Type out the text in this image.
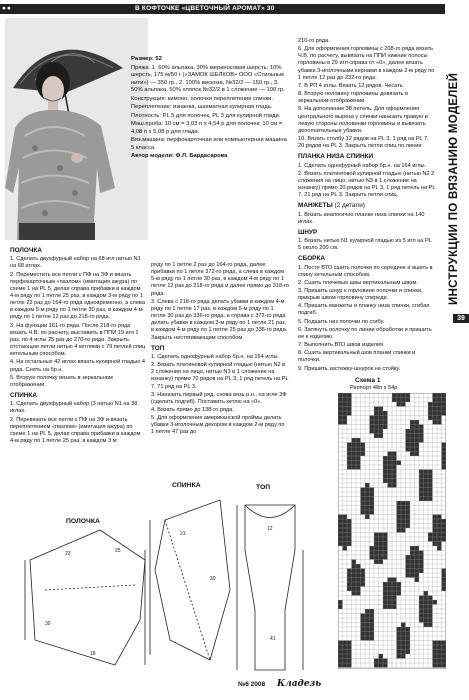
●●	В КОФТОЧКЕ «ЦВЕТОЧНЫЙ АРОМАТ» 30
ИНСТРУКЦИИ ПО ВЯЗАНИЮ МОДЕЛЕЙ
39

Размер: 52

Пряжа: 1. 60% альпака, 30% мериносовая шерсть, 10% шерсть, 175 м/50 г («ЗАМОК ШЕЛКОВ» ООО «Стильные нити») — 350 гр., 2. 100% вискоза, №32/2 — 150 гр., 3. 50% альпака, 50% хлопок №32/2 в 1 сложение — 100 гр.

Конструкция: кимоно, полочки переплетение спинки.

Переплетение: изнанка, шахматная кулирная гладь.

Плотность: PL 5 для полочек, PL 3 для кулирной глади.

Маш.проба: 10 см = 3,03 п x 4,54 р для полочек; 10 см = 4,08 п x 5,08 р для глади.

Вяз.машина: перфокарточная или компьютерная машина 5 класса.

Автор модели: Ф.Л. Бардасарова

210-го ряда.

6. Для оформления горловины с 208-го ряда вязать Ч.В. по расчету, вывязать на ППИ нижние полосы горловины в 29 игл справа от «0», далее вязать убавки 3-иголочными кернами в каждом 2-м ряду по 1 петле 12 раз до 232-го ряда.

7. В РП 4 иглы. Вязать 12 рядов. Чесать.

8. Вторую половину горловины довязать в зеркальном отображении.

9. На дополнение 38 петель. Для оформления центрального выреза у спинки нанизать правую и левую стороны половинки горловины и вывязать дополнительные убавки.

10. Вязать столбу 12 рядов на PL 3, 1 ряд на PL 7, 20 рядов на PL 3. Закрыть петли спиц по линии.

ПЛАНКА НИЗА СПИНКИ

1. Сделать однофурный набор бр.н. на 164 иглы.

2. Вязать платинговой кулирной гладью (нитью N2 2 сложения на лицо, нитью N3 в 1 сложение на изнанку) прямо 20 рядов на PL 3, 1 ряд петель на PL 7, 21 ряд на PL 3. Закрыть петли спиц.

МАНЖЕТЫ (2 детали)

1. Вязать аналогично планке низа спинки на 140 иглах.

ШНУР

1. Вязать нитью N1 кулирной гладью из 5 игл на PL 5 около 200 см.

СБОРКА

1. Посте ВТО сшить полочки по середине и вшить в спину кетельным способом.

2. Сшить плечевые швы вертикальным швом.

3. Пришить шнур к горловине полочки и спинки, прикрыв швом горловину спереди.

4. Пришить манжеты и планку низа спинки, сгибая подгиб.

5. Подшить низ полочки по сгибу.

6. Затянуть полочку по линии обработки и пришить ее к изделию.

7. Выполнить ВТО швов изделия.

8. Сшить вертикальный шов планки спинки и полочки.

9. Пришить застежку-шнурок на стойку.

ПОЛОЧКА

1. Сделать двухфурный набор на 68 игл нитью N1 на 68 иглах.

2. Переместить все петли с ПФ на ЗФ и вязать перфокарточным «пазлом» (имитация ажура) по схеме 1 на PL 5, делая справа прибавки в каждом 4-м ряду по 1 петле 25 раз, в каждом 3-м ряду по 1 петле 23 раз до 164-го ряда одновременно, а слева в каждом 5-м ряду по 1 петле 30 раз, в каждом 4-м ряду по 1 петле 12 раз до 218-го ряда.

3. На функции 161-го ряда. После 218-го ряда вязать Ч.В. по расчету, выставить в ППИ 19 игл 1 раз, по 4 иглы 25 раз до 270-го ряда. Закрыть отстающие петли нитью 4 кетлями с 79 петлей спиц кетельным способом.

4. На остальных 42 иглах вязать кулирной гладью 4 ряда. Снять на бр.н.

5. Вторую полочку вязать в зеркальном отображении.

СПИНКА

1. Сделать двухфурный набор (3 нитью N1 на 38 иглах.

2. Перевязать все петли с ПФ на ЗФ и вязать переплетением «пазлом» (имитация ажура) по схеме 1 на PL 5, делая справа прибавки в каждом 4-м ряду по 1 петле 25 раз, в каждом 3 м

ряду по 1 петле 2 раз до 164-го ряда, далее прибавки по 1 петле 372-го ряда, а слева в каждом 5-м ряду по 1 петле 30 раз, в каждом 4-м ряду по 1 петле 12 раз до 218-го ряда и далее прямо до 318-го ряда.

3. Слева с 218-го ряда делать убавки в каждом 4-м ряду по 1 петле 17 раз, в каждом 5-м ряду по 1 петле 30 раз до 336-го ряда, а справа с 372-го ряда делать убавки в каждом 3-м ряду по 1 петле 21 раз, в каждом 4-м ряду по 1 петле 25 раз до 336-го ряда. Закрыть нестягивающим способом.

ТОП

1. Сделать однофурный набор бр.н. на 164 иглы.

2. Вязать платиновой кулирной гладью (нитью N2 в 2 сложения на лицо, нитью N3 в 1 сложение на изнанку) прямо 70 рядов на PL 3, 1 ряд петель на PL 7, 71 ряд на PL 3.

3. Нанизать первый ряд, снова вязь р.н., на игле 3Ф (сделать подгиб). Поставить кетлю на «0».

4. Вязать прямо до 138-го ряда.

5. Для оформления американской проймы делать убавки 3-иголочным декором в каждом 2-м ряду по 1 петле 47 раз до

ПОЛОЧКА
СПИНКА	ТОП
23	25
30
18
21
30
12
41
Схема 1
Раппорт 48п x 54р
№6 2008 Кладезь
